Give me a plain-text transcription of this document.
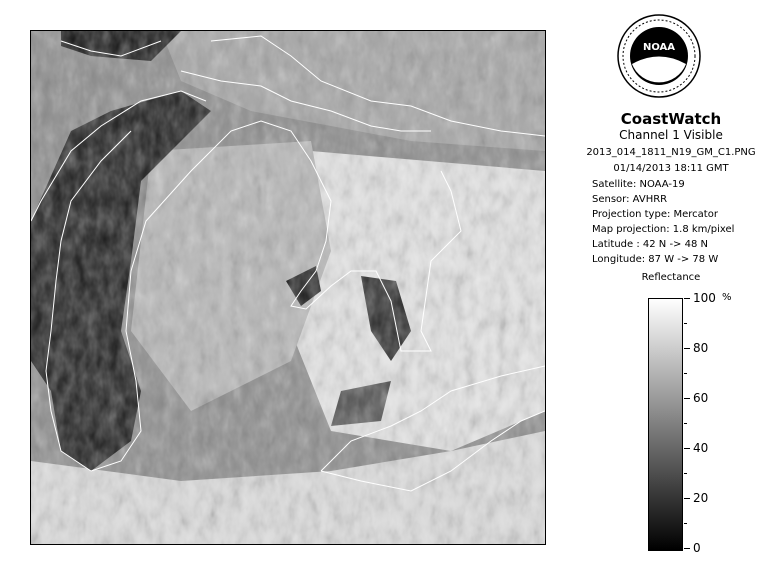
NOAA
CoastWatch
Channel 1 Visible
2013_014_1811_N19_GM_C1.PNG
01/14/2013 18:11 GMT
Satellite: NOAA-19
Sensor: AVHRR
Projection type: Mercator
Map projection: 1.8 km/pixel
Latitude : 42 N -> 48 N
Longitude: 87 W -> 78 W
Reflectance
%
100
80
60
40
20
0
